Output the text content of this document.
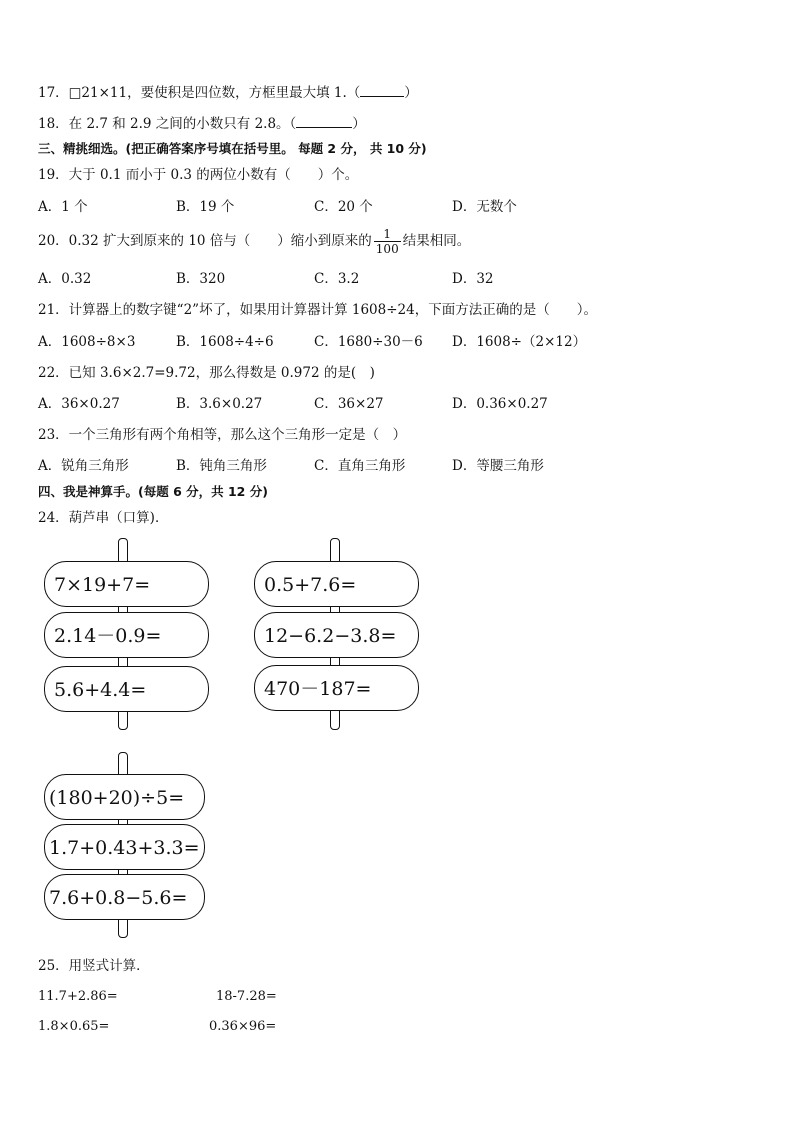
17．□21×11，要使积是四位数，方框里最大填 1.（	）
18．在 2.7 和 2.9 之间的小数只有 2.8。（	）
三、精挑细选。(把正确答案序号填在括号里。 每题 2 分， 共 10 分)
19．大于 0.1 而小于 0.3 的两位小数有（　　）个。
A．1 个	B．19 个	C．20 个	D．无数个
20．0.32 扩大到原来的 10 倍与（　　）缩小到原来的 $\frac{1}{100}$ 结果相同。
A．0.32	B．320	C．3.2	D．32
21．计算器上的数字键“2”坏了，如果用计算器计算 1608÷24，下面方法正确的是（　　）。
A．1608÷8×3	B．1608÷4÷6	C．1680÷30－6 D．1608÷（2×12）
22．已知 3.6×2.7=9.72，那么得数是 0.972 的是(　)
A．36×0.27	B．3.6×0.27	C．36×27	D．0.36×0.27
23．一个三角形有两个角相等，那么这个三角形一定是（　）
A．锐角三角形	B．钝角三角形	C．直角三角形	D．等腰三角形
四、我是神算手。(每题 6 分，共 12 分)
24．葫芦串（口算)．
7×19+7=
2.14－0.9=
5.6+4.4=
0.5+7.6=
12−6.2−3.8=
470－187=
(180+20)÷5=
1.7+0.43+3.3=
7.6+0.8−5.6=
25．用竖式计算．
11.7+2.86=	18-7.28=
1.8×0.65=	0.36×96=
